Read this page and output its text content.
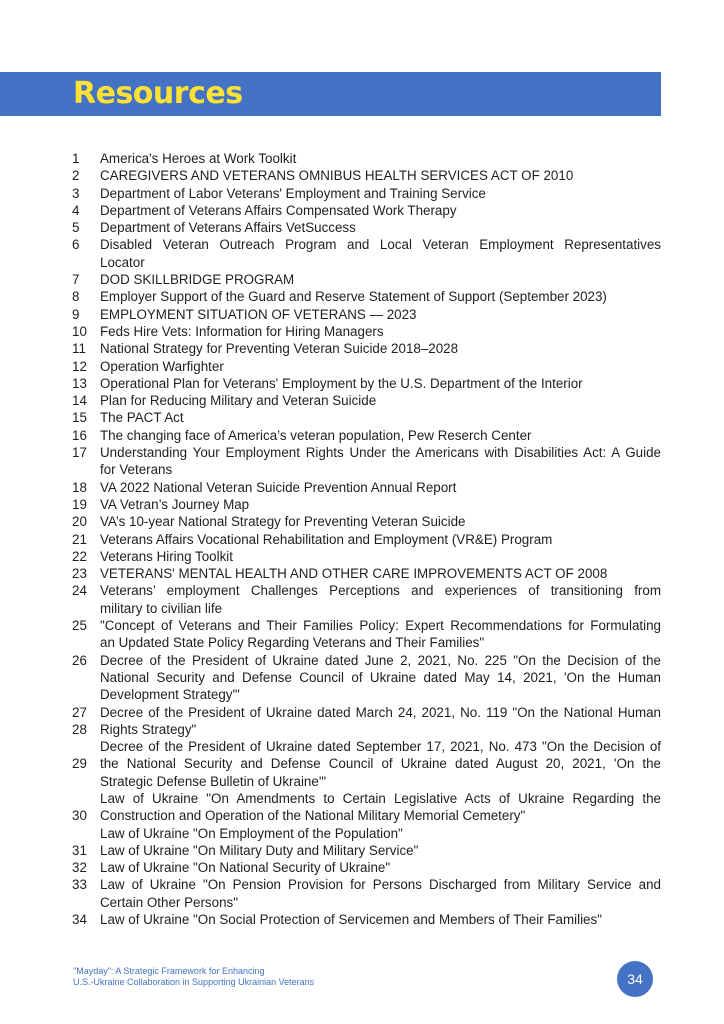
Resources
1 America's Heroes at Work Toolkit
2 CAREGIVERS AND VETERANS OMNIBUS HEALTH SERVICES ACT OF 2010
3 Department of Labor Veterans' Employment and Training Service
4 Department of Veterans Affairs Compensated Work Therapy
5 Department of Veterans Affairs VetSuccess
6 Disabled Veteran Outreach Program and Local Veteran Employment Representatives
Locator
7 DOD SKILLBRIDGE PROGRAM
8 Employer Support of the Guard and Reserve Statement of Support (September 2023)
9 EMPLOYMENT SITUATION OF VETERANS — 2023
10 Feds Hire Vets: Information for Hiring Managers
11 National Strategy for Preventing Veteran Suicide 2018–2028
12 Operation Warfighter
13 Operational Plan for Veterans' Employment by the U.S. Department of the Interior
14 Plan for Reducing Military and Veteran Suicide
15 The PACT Act
16 The changing face of America’s veteran population, Pew Reserch Center
17 Understanding Your Employment Rights Under the Americans with Disabilities Act: A Guide
for Veterans
18 VA 2022 National Veteran Suicide Prevention Annual Report
19 VA Vetran’s Journey Map
20 VA’s 10-year National Strategy for Preventing Veteran Suicide
21 Veterans Affairs Vocational Rehabilitation and Employment (VR&E) Program
22 Veterans Hiring Toolkit
23 VETERANS' MENTAL HEALTH AND OTHER CARE IMPROVEMENTS ACT OF 2008
24 Veterans’ employment Challenges Perceptions and experiences of transitioning from
military to civilian life
25 "Concept of Veterans and Their Families Policy: Expert Recommendations for Formulating
an Updated State Policy Regarding Veterans and Their Families"
26 Decree of the President of Ukraine dated June 2, 2021, No. 225 "On the Decision of the
National Security and Defense Council of Ukraine dated May 14, 2021, 'On the Human
Development Strategy'"
27 Decree of the President of Ukraine dated March 24, 2021, No. 119 "On the National Human
28 Rights Strategy"
Decree of the President of Ukraine dated September 17, 2021, No. 473 "On the Decision of
29 the National Security and Defense Council of Ukraine dated August 20, 2021, 'On the
Strategic Defense Bulletin of Ukraine'"
Law of Ukraine "On Amendments to Certain Legislative Acts of Ukraine Regarding the
30 Construction and Operation of the National Military Memorial Cemetery"
Law of Ukraine "On Employment of the Population"
31 Law of Ukraine "On Military Duty and Military Service"
32 Law of Ukraine "On National Security of Ukraine"
33 Law of Ukraine "On Pension Provision for Persons Discharged from Military Service and
Certain Other Persons"
34 Law of Ukraine "On Social Protection of Servicemen and Members of Their Families"
"Mayday": A Strategic Framework for Enhancing
U.S.-Ukraine Collaboration in Supporting Ukrainian Veterans	34
